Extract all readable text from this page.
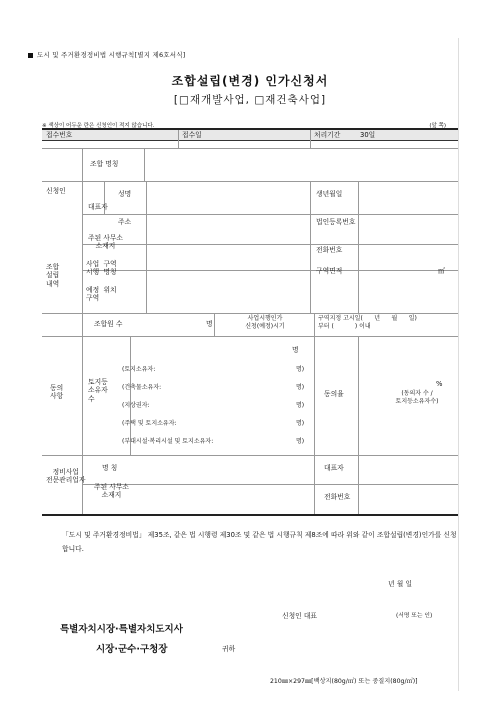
도시 및 주거환경정비법 시행규칙[별지 제6호서식]
조합설립(변경) 인가신청서
[□재개발사업, □재건축사업]
※ 색상이 어두운 란은 신청인이 적지 않습니다.	(앞 쪽)
접수번호	접수일	처리기간	30일
조합 명칭
신청인
대표자
성명	생년월일
주소	법인등록번호
주된 사무소
소재지	전화번호
조합
설립
내역
사업  구역
시행  명칭
예정  위치
구역
구역면적	㎡
조합원 수	명
사업시행인가
신청(예정)시기
구역지정 고시일(      년      월      일)
부터 (           ) 이내
명
동의
사항
토지등
소유자
수
(토지소유자:	명)
(건축물소유자:	명)
(지상권자:	명)
(주택 및 토지소유자:	명)
(부대시설·복리시설 및 토지소유자:	명)
동의율
%
(동의자 수 /
토지등소유자수)
정비사업
전문관리업자
명 칭	대표자
주된 사무소
소재지	전화번호
「도시 및 주거환경정비법」 제35조, 같은 법 시행령 제30조 및 같은 법 시행규칙 제8조에 따라 위와 같이 조합설립(변경)인가를 신청합니다.
년 월 일
신청인 대표	(서명 또는 인)
특별자치시장·특별자치도지사
시장·군수·구청장	귀하
210㎜×297㎜[백상지(80g/㎡) 또는 중질지(80g/㎡)]
